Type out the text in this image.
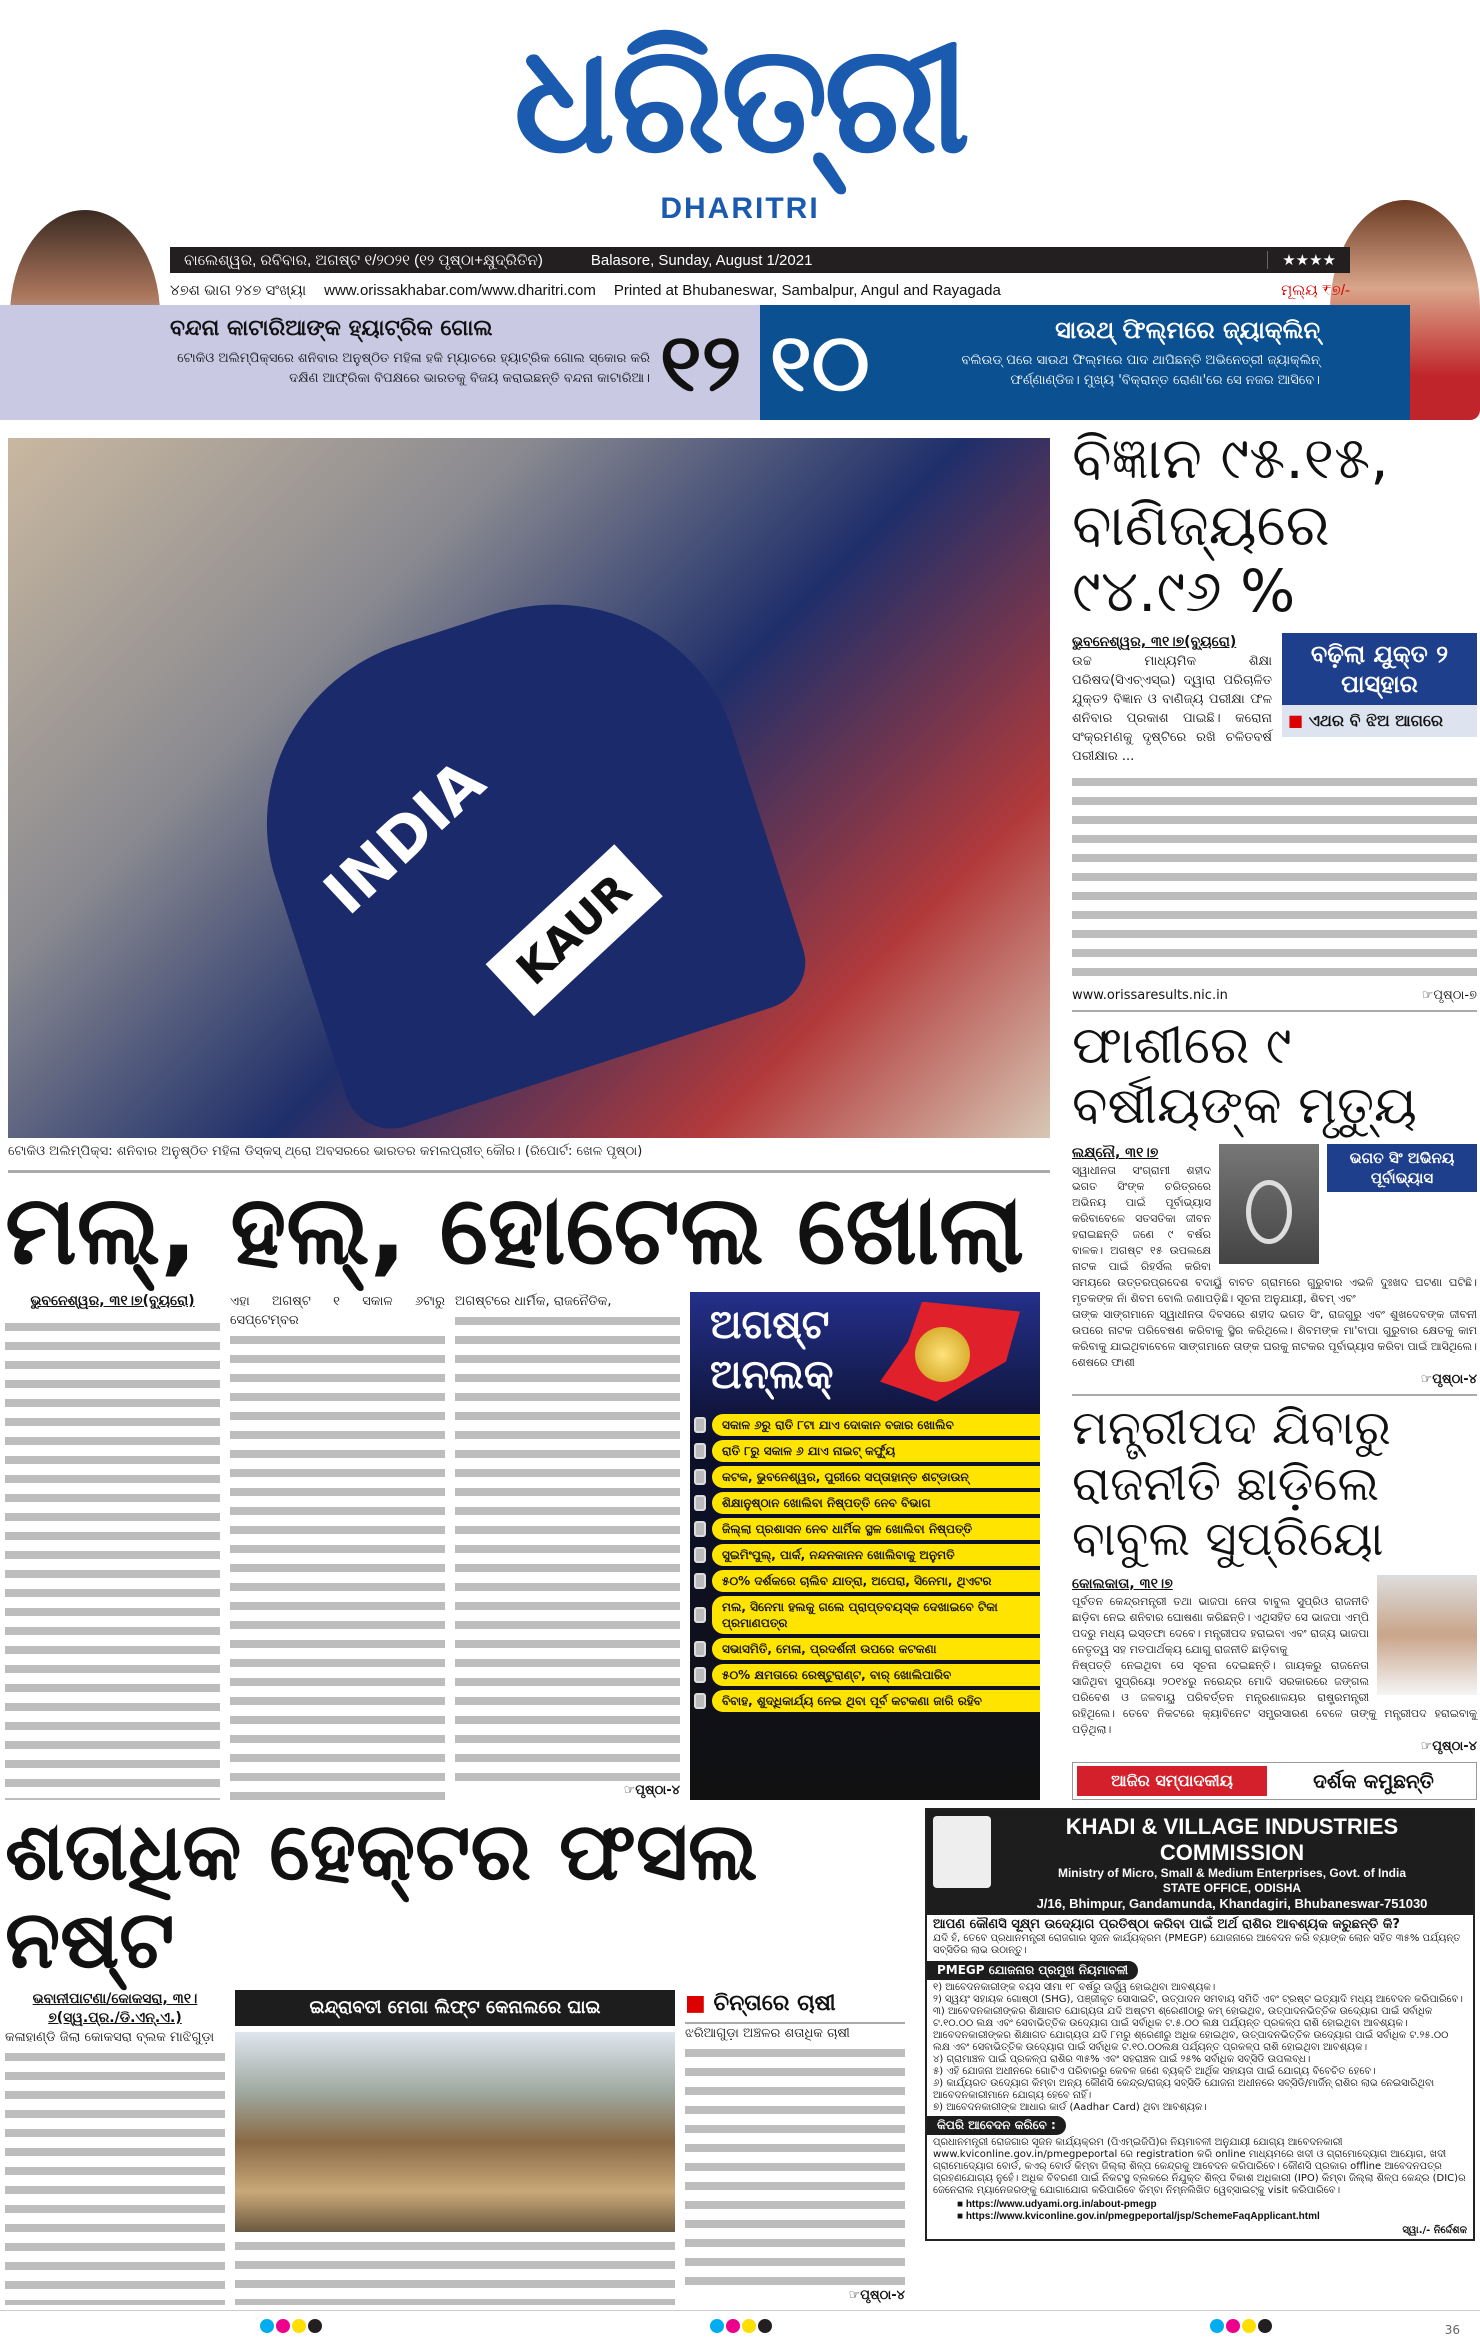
ଧରିତ୍ରୀ
DHARITRI
ବାଲେଶ୍ୱର, ରବିବାର, ଅଗଷ୍ଟ ୧/୨୦୨୧ (୧୨ ପୃଷ୍ଠା+କ୍ଷୁଦ୍ରିତିନ)	Balasore, Sunday, August 1/2021	★★★★
୪୭ଶ ଭାଗ ୨୪୭ ସଂଖ୍ୟା www.orissakhabar.com/www.dharitri.com Printed at Bhubaneswar, Sambalpur, Angul and Rayagada	ମୂଲ୍ୟ ₹୭/-
ବନ୍ଦନା କାଟାରିଆଙ୍କ ହ୍ୟାଟ୍ରିକ ଗୋଲ
ଟୋକିଓ ଅଲିମ୍ପିକ୍ସରେ ଶନିବାର ଅନୁଷ୍ଠିତ ମହିଳା ହକି ମ୍ୟାଚରେ ହ୍ୟାଟ୍ରିକ ଗୋଲ ସ୍କୋର କରି ଦକ୍ଷିଣ ଆଫ୍ରିକା ବିପକ୍ଷରେ ଭାରତକୁ ବିଜୟ କରାଇଛନ୍ତି ବନ୍ଦନା କାଟାରିଆ। ୧୨ ୧୦	ସାଉଥ୍ ଫିଲ୍ମରେ ଜ୍ୟାକ୍ଲିନ୍
ବଲିଉଡ୍ ପରେ ସାଉଥ ଫିଲ୍ମରେ ପାଦ ଥାପିଛନ୍ତି ଅଭିନେତ୍ରୀ ଜ୍ୟାକ୍ଲିନ୍ ଫର୍ଣ୍ଣାଣ୍ଡିଜ। ମୁଖ୍ୟ 'ବିକ୍ରାନ୍ତ ରୋଣା'ରେ ସେ ନଜର ଆସିବେ।
INDIA
KAUR
ଟୋକିଓ ଅଲିମ୍ପିକ୍ସ: ଶନିବାର ଅନୁଷ୍ଠିତ ମହିଳା ଡିସ୍କସ୍ ଥ୍ରୋ ଅବସରରେ ଭାରତର କମଲପ୍ରୀତ୍ କୌର। (ରିପୋର୍ଟ: ଖେଳ ପୃଷ୍ଠା)
ବିଜ୍ଞାନ ୯୫.୧୫,
ବାଣିଜ୍ୟରେ ୯୪.୯୬ %
ଭୁବନେଶ୍ୱର, ୩୧।୭(ବ୍ୟୁରୋ)
ଉଚ୍ଚ ମାଧ୍ୟମିକ ଶିକ୍ଷା ପରିଷଦ(ସିଏଚ୍ଏସ୍ଇ) ଦ୍ୱାରା ପରିଚାଳିତ ଯୁକ୍ତ୨ ବିଜ୍ଞାନ ଓ ବାଣିଜ୍ୟ ପରୀକ୍ଷା ଫଳ ଶନିବାର ପ୍ରକାଶ ପାଇଛି। କରୋନା ସଂକ୍ରମଣକୁ ଦୃଷ୍ଟିରେ ରଖି ଚଳିତବର୍ଷ ପରୀକ୍ଷାର ...
ବଢ଼ିଲା ଯୁକ୍ତ ୨ ପାସ୍‌ହାର
■ ଏଥର ବି ଝିଅ ଆଗରେ
www.orissaresults.nic.in	☞ପୃଷ୍ଠା-୭
ଫାଶୀରେ ୯ ବର୍ଷୀୟଙ୍କ ମୃତ୍ୟୁ
ଭଗତ ସିଂ ଅଭିନୟ ପୂର୍ବାଭ୍ୟାସ
ଲକ୍ଷ୍ନୌ, ୩୧।୭
ସ୍ୱାଧୀନତା ସଂଗ୍ରାମୀ ଶହୀଦ ଭଗତ ସିଂଙ୍କ ଚରିତ୍ରରେ ଅଭିନୟ ପାଇଁ ପୂର୍ବାଭ୍ୟାସ କରିବାବେଳେ ସତସତିକା ଜୀବନ ହରାଇଛନ୍ତି ଜଣେ ୯ ବର୍ଷର ବାଳକ। ଅଗଷ୍ଟ ୧୫ ଉପଲକ୍ଷେ ନାଟକ ପାଇଁ ରିହର୍ସଲ କରିବା ସମୟରେ ଉତ୍ତରପ୍ରଦେଶ ବଦାୟୁଁ ବାବତ ଗ୍ରାମରେ ଗୁରୁବାର ଏଭଳି ଦୁଃଖଦ ଘଟଣା ଘଟିଛି। ମୃତକଙ୍କ ନାଁ ଶିବମ ବୋଲି ଜଣାପଡ଼ିଛି। ସୂଚନା ଅନୁଯାୟୀ, ଶିବମ୍ ଏବଂ
ତାଙ୍କ ସାଙ୍ଗମାନେ ସ୍ୱାଧୀନତା ଦିବସରେ ଶହୀଦ ଭଗତ ସିଂ, ରାଜଗୁରୁ ଏବଂ ଶୁଖଦେବଙ୍କ ଜୀବନୀ ଉପରେ ନାଟକ ପରିବେଷଣ କରିବାକୁ ସ୍ଥିର କରିଥିଲେ। ଶିବମଙ୍କ ମା'ବାପା ଗୁରୁବାର କ୍ଷେତକୁ କାମ କରିବାକୁ ଯାଇଥିବାବେଳେ ସାଙ୍ଗମାନେ ତାଙ୍କ ଘରକୁ ନାଟକର ପୂର୍ବାଭ୍ୟାସ କରିବା ପାଇଁ ଆସିଥିଲେ। ଶେଷରେ ଫାଶୀ
☞ପୃଷ୍ଠା-୪
ମନ୍ତ୍ରୀପଦ ଯିବାରୁ ରାଜନୀତି ଛାଡ଼ିଲେ ବାବୁଲ ସୁପ୍ରିୟୋ
କୋଲକାତା, ୩୧।୭
ପୂର୍ବତନ କେନ୍ଦ୍ରମନ୍ତ୍ରୀ ତଥା ଭାଜପା ନେତା ବାବୁଲ ସୁପ୍ରିଓ ରାଜନୀତି ଛାଡ଼ିବା ନେଇ ଶନିବାର ଘୋଷଣା କରିଛନ୍ତି। ଏଥିସହିତ ସେ ଭାଜପା ଏମ୍‌ପି ପଦରୁ ମଧ୍ୟ ଇସ୍ତଫା ଦେବେ। ମନ୍ତ୍ରୀପଦ ହରାଇବା ଏବଂ ରାଜ୍ୟ ଭାଜପା ନେତୃତ୍ୱ ସହ ମତପାର୍ଥକ୍ୟ ଯୋଗୁ ରାଜନୀତି ଛାଡ଼ିବାକୁ
ନିଷ୍ପତ୍ତି ନେଇଥିବା ସେ ସୂଚନା ଦେଇଛନ୍ତି। ଗାୟକରୁ ରାଜନେତା ସାଜିଥିବା ସୁପ୍ରିୟୋ ୨୦୧୪ରୁ ନରେନ୍ଦ୍ର ମୋଦି ସରକାରରେ ଜଙ୍ଗଲ ପରିବେଶ ଓ ଜଳବାୟୁ ପରିବର୍ତ୍ତନ ମନ୍ତ୍ରଣାଳୟର ରାଷ୍ଟ୍ରମନ୍ତ୍ରୀ ରହିଥିଲେ। ତେବେ ନିକଟରେ କ୍ୟାବିନେଟ ସମ୍ପ୍ରସାରଣ ବେଳେ ତାଙ୍କୁ ମନ୍ତ୍ରୀପଦ ହରାଇବାକୁ ପଡ଼ିଥିଲା।
☞ପୃଷ୍ଠା-୪
ଆଜିର ସମ୍ପାଦକୀୟ	ଦର୍ଶକ କମୁଛନ୍ତି
ମଲ୍, ହଲ୍, ହୋଟେଲ ଖୋଲା
ଭୁବନେଶ୍ୱର, ୩୧।୭(ବ୍ୟୁରୋ)	ଏହା ଅଗଷ୍ଟ ୧ ସକାଳ ୬ଟାରୁ ସେପ୍ଟେମ୍ବର
ଅଗଷ୍ଟରେ ଧାର୍ମିକ, ରାଜନୈତିକ,
☞ପୃଷ୍ଠା-୪
ଅଗଷ୍ଟ
ଅନ୍‌ଲକ୍
ସକାଳ ୬ରୁ ରାତି ୮ଟା ଯାଏ ଦୋକାନ ବଜାର ଖୋଲିବ
ରାତି ୮ରୁ ସକାଳ ୬ ଯାଏ ନାଇଟ୍ କର୍ଫ୍ୟୁ
କଟକ, ଭୁବନେଶ୍ୱର, ପୁରୀରେ ସପ୍ତାହାନ୍ତ ଶଟ୍‌ଡାଉନ୍
ଶିକ୍ଷାନୁଷ୍ଠାନ ଖୋଲିବା ନିଷ୍ପତ୍ତି ନେବ ବିଭାଗ
ଜିଲ୍ଲା ପ୍ରଶାସନ ନେବ ଧାର୍ମିକ ସ୍ଥଳ ଖୋଲିବା ନିଷ୍ପତ୍ତି
ସୁଇମିଂପୁଲ୍, ପାର୍କ, ନନ୍ଦନକାନନ ଖୋଲିବାକୁ ଅନୁମତି
୫୦% ଦର୍ଶକରେ ଚାଲିବ ଯାତ୍ରା, ଅପେରା, ସିନେମା, ଥିଏଟର
ମଲ, ସିନେମା ହଲକୁ ଗଲେ ପ୍ରାପ୍ତବୟସ୍କ ଦେଖାଇବେ ଟିକା ପ୍ରମାଣପତ୍ର
ସଭାସମିତି, ମେଳା, ପ୍ରଦର୍ଶନୀ ଉପରେ କଟକଣା
୫୦% କ୍ଷମତାରେ ରେଷ୍ଟୁରାଣ୍ଟ, ବାର୍ ଖୋଲିପାରିବ
ବିବାହ, ଶୁଦ୍ଧିକାର୍ଯ୍ୟ ନେଇ ଥିବା ପୂର୍ବ କଟକଣା ଜାରି ରହିବ
ଶତାଧିକ ହେକ୍ଟର ଫସଲ ନଷ୍ଟ
ଭବାନୀପାଟଣା/କୋକସରା, ୩୧।୭(ସ୍ୱ.ପ୍ର./ଡି.ଏନ୍.ଏ.)
କଳାହାଣ୍ଡି ଜିଲା କୋକସରା ବ୍ଲକ ମାଝିଗୁଡ଼ା
ଇନ୍ଦ୍ରାବତୀ ମେଗା ଲିଫ୍ଟ କେନାଲରେ ଘାଇ	■ ଚିନ୍ତାରେ ଚାଷୀ
ଝରିଆଗୁଡ଼ା ଅଞ୍ଚଳର ଶତାଧିକ ଚାଷୀ
☞ପୃଷ୍ଠା-୪
KHADI & VILLAGE INDUSTRIES COMMISSION
Ministry of Micro, Small & Medium Enterprises, Govt. of India
STATE OFFICE, ODISHA
J/16, Bhimpur, Gandamunda, Khandagiri, Bhubaneswar-751030
ଆପଣ କୌଣସି ସୂକ୍ଷ୍ମ ଉଦ୍ୟୋଗ ପ୍ରତିଷ୍ଠା କରିବା ପାଇଁ ଅର୍ଥ ରାଶିର ଆବଶ୍ୟକ କରୁଛନ୍ତି କି?
ଯଦି ହଁ, ତେବେ ପ୍ରଧାନମନ୍ତ୍ରୀ ରୋଜଗାର ସୃଜନ କାର୍ଯ୍ୟକ୍ରମ (PMEGP) ଯୋଜନାରେ ଆବେଦନ କରି ବ୍ୟାଙ୍କ ଲୋନ ସହିତ ୩୫% ପର୍ଯ୍ୟନ୍ତ ସବ୍‌ସିଡିର ଲାଭ ଉଠାନ୍ତୁ।
PMEGP ଯୋଜନାର ପ୍ରମୁଖ ନିୟମାବଳୀ
୧) ଆବେଦନକାରୀଙ୍କ ବୟସ ସୀମା ୧୮ ବର୍ଷରୁ ଊର୍ଦ୍ଧ୍ୱ ହୋଇଥିବା ଆବଶ୍ୟକ।
୨) ସ୍ୱୟଂ ସହାୟକ ଗୋଷ୍ଠୀ (SHG), ପଞ୍ଜୀକୃତ ସୋସାଇଟି, ଉତ୍ପାଦନ ସମବାୟ ସମିତି ଏବଂ ଟ୍ରଷ୍ଟ ଇତ୍ୟାଦି ମଧ୍ୟ ଆବେଦନ କରିପାରିବେ।
୩) ଆବେଦନକାରୀଙ୍କର ଶିକ୍ଷାଗତ ଯୋଗ୍ୟତା ଯଦି ଅଷ୍ଟମ ଶ୍ରେଣୀଠାରୁ କମ୍ ହୋଇଥିବ, ଉତ୍ପାଦନଭିତ୍ତିକ ଉଦ୍ୟୋଗ ପାଇଁ ସର୍ବାଧିକ ଟ.୧୦.୦୦ ଲକ୍ଷ ଏବଂ ସେବାଭିତ୍ତିକ ଉଦ୍ୟୋଗ ପାଇଁ ସର୍ବାଧିକ ଟ.୫.୦୦ ଲକ୍ଷ ପର୍ଯ୍ୟନ୍ତ ପ୍ରକଳ୍ପ ରାଶି ହୋଇଥିବା ଆବଶ୍ୟକ। ଆବେଦନକାରୀଙ୍କର ଶିକ୍ଷାଗତ ଯୋଗ୍ୟତା ଯଦି ୮ମରୁ ଶ୍ରେଣୀରୁ ଅଧିକ ହୋଇଥିବ, ଉତ୍ପାଦନଭିତ୍ତିକ ଉଦ୍ୟୋଗ ପାଇଁ ସର୍ବାଧିକ ଟ.୨୫.୦୦ ଲକ୍ଷ ଏବଂ ସେବାଭିତ୍ତିକ ଉଦ୍ୟୋଗ ପାଇଁ ସର୍ବାଧିକ ଟ.୧୦.୦୦ଲକ୍ଷ ପର୍ଯ୍ୟନ୍ତ ପ୍ରକଳ୍ପ ରାଶି ହୋଇଥିବା ଆବଶ୍ୟକ।
୪) ଗ୍ରାମାଞ୍ଚଳ ପାଇଁ ପ୍ରକଳ୍ପ ରାଶିର ୩୫% ଏବଂ ସହରାଞ୍ଚଳ ପାଇଁ ୨୫% ସର୍ବାଧିକ ସବ୍‌ସିଡି ଉପଲବ୍ଧ।
୫) ଏହି ଯୋଜନା ଅଧୀନରେ ଗୋଟିଏ ପରିବାରରୁ କେବଳ ଜଣେ ବ୍ୟକ୍ତି ଆର୍ଥିକ ସହାୟତା ପାଇଁ ଯୋଗ୍ୟ ବିବେଚିତ ହେବେ।
୬) କାର୍ଯ୍ୟରତ ଉଦ୍ୟୋଗ କିମ୍ବା ଅନ୍ୟ କୌଣସି କେନ୍ଦ୍ର/ରାଜ୍ୟ ସବ୍‌ସିଡି ଯୋଜନା ଅଧୀନରେ ସବ୍‌ସିଡି/ମାର୍ଜିନ୍ ରାଶିର ଲାଭ ନେଇସାରିଥିବା ଆବେଦନକାରୀମାନେ ଯୋଗ୍ୟ ହେବେ ନାହିଁ।
୭) ଆବେଦନକାରୀଙ୍କ ଆଧାର କାର୍ଡ (Aadhar Card) ଥିବା ଆବଶ୍ୟକ।
କିପରି ଆବେଦନ କରିବେ :
ପ୍ରଧାନମନ୍ତ୍ରୀ ରୋଜଗାର ସୃଜନ କାର୍ଯ୍ୟକ୍ରମ (ପିଏମ୍‌ଇଜିପି)ର ନିୟମାବଳୀ ଅନୁଯାୟୀ ଯୋଗ୍ୟ ଆବେଦନକାରୀ www.kviconline.gov.in/pmegpeportal ରେ registration କରି online ମାଧ୍ୟମରେ ଖଦୀ ଓ ଗ୍ରାମୋଦ୍ୟୋଗ ଆୟୋଗ, ଖଦୀ ଗ୍ରାମୋଦ୍ୟୋଗ ବୋର୍ଡ, କଏର୍ ବୋର୍ଡ କିମ୍ବା ଜିଲ୍ଲା ଶିଳ୍ପ କେନ୍ଦ୍ରକୁ ଆବେଦନ କରିପାରିବେ। କୌଣସି ପ୍ରକାର offline ଆବେଦନପତ୍ର ଗ୍ରହଣଯୋଗ୍ୟ ନୁହେଁ। ଅଧିକ ବିବରଣୀ ପାଇଁ ନିକଟସ୍ଥ ବ୍ଲକରେ ନିଯୁକ୍ତ ଶିଳ୍ପ ବିକାଶ ଅଧିକାରୀ (IPO) କିମ୍ବା ଜିଲ୍ଲା ଶିଳ୍ପ କେନ୍ଦ୍ର (DIC)ର ଜେନେରାଲ ମ୍ୟାନେଜରଙ୍କୁ ଯୋଗାଯୋଗ କରିପାରିବେ କିମ୍ବା ନିମ୍ନଲିଖିତ ୱେବ୍‌ସାଇଟ୍‌କୁ visit କରିପାରିବେ।
■ https://www.udyami.org.in/about-pmegp
■ https://www.kviconline.gov.in/pmegpeportal/jsp/SchemeFaqApplicant.html
ସ୍ୱା./- ନିର୍ଦ୍ଦେଶକ
36
